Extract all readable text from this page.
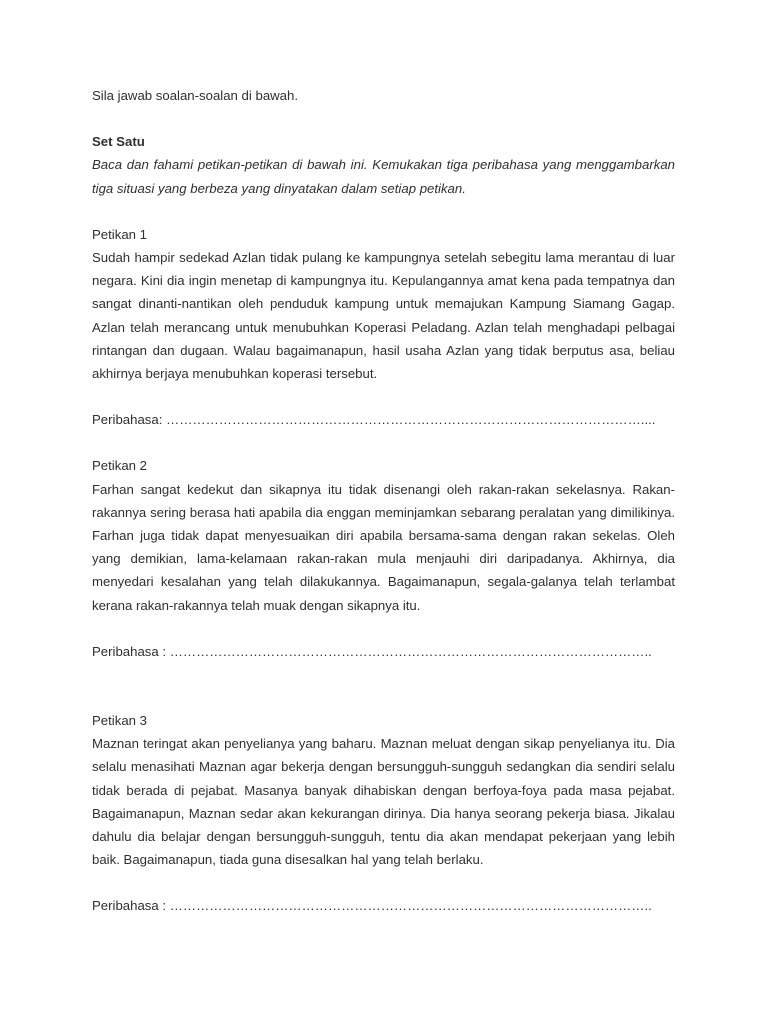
Sila jawab soalan-soalan di bawah.

Set Satu

Baca dan fahami petikan-petikan di bawah ini. Kemukakan tiga peribahasa yang menggambarkan tiga situasi yang berbeza yang dinyatakan dalam setiap petikan.

Petikan 1

Sudah hampir sedekad Azlan tidak pulang ke kampungnya setelah sebegitu lama merantau di luar negara. Kini dia ingin menetap di kampungnya itu. Kepulangannya amat kena pada tempatnya dan sangat dinanti-nantikan oleh penduduk kampung untuk memajukan Kampung Siamang Gagap. Azlan telah merancang untuk menubuhkan Koperasi Peladang. Azlan telah menghadapi pelbagai rintangan dan dugaan. Walau bagaimanapun, hasil usaha Azlan yang tidak berputus asa, beliau akhirnya berjaya menubuhkan koperasi tersebut.

Peribahasa: ………………………………………………………………………………………………....

Petikan 2

Farhan sangat kedekut dan sikapnya itu tidak disenangi oleh rakan-rakan sekelasnya. Rakan-rakannya sering berasa hati apabila dia enggan meminjamkan sebarang peralatan yang dimilikinya. Farhan juga tidak dapat menyesuaikan diri apabila bersama-sama dengan rakan sekelas. Oleh yang demikian, lama-kelamaan rakan-rakan mula menjauhi diri daripadanya. Akhirnya, dia menyedari kesalahan yang telah dilakukannya. Bagaimanapun, segala-galanya telah terlambat kerana rakan-rakannya telah muak dengan sikapnya itu.

Peribahasa : ………………………………………………………………………………………………..

Petikan 3

Maznan teringat akan penyelianya yang baharu. Maznan meluat dengan sikap penyelianya itu. Dia selalu menasihati Maznan agar bekerja dengan bersungguh-sungguh sedangkan dia sendiri selalu tidak berada di pejabat. Masanya banyak dihabiskan dengan berfoya-foya pada masa pejabat. Bagaimanapun, Maznan sedar akan kekurangan dirinya. Dia hanya seorang pekerja biasa. Jikalau dahulu dia belajar dengan bersungguh-sungguh, tentu dia akan mendapat pekerjaan yang lebih baik. Bagaimanapun, tiada guna disesalkan hal yang telah berlaku.

Peribahasa : ………………………………………………………………………………………………..
